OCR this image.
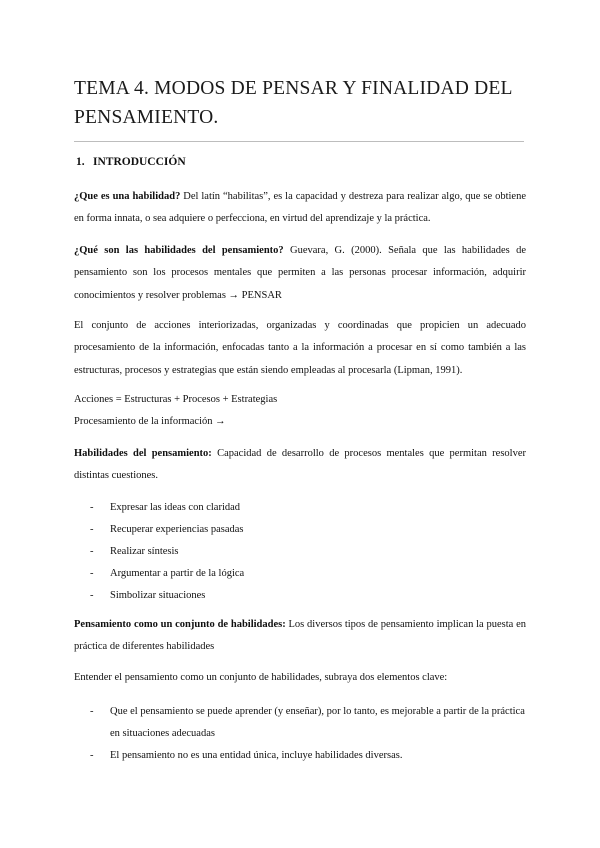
TEMA 4. MODOS DE PENSAR Y FINALIDAD DEL PENSAMIENTO.
1. INTRODUCCIÓN
¿Que es una habilidad? Del latín “habilitas”, es la capacidad y destreza para realizar algo, que se obtiene en forma innata, o sea adquiere o perfecciona, en virtud del aprendizaje y la práctica.
¿Qué son las habilidades del pensamiento? Guevara, G. (2000). Señala que las habilidades de pensamiento son los procesos mentales que permiten a las personas procesar información, adquirir conocimientos y resolver problemas → PENSAR
El conjunto de acciones interiorizadas, organizadas y coordinadas que propicien un adecuado procesamiento de la información, enfocadas tanto a la información a procesar en sí como también a las estructuras, procesos y estrategias que están siendo empleadas al procesarla (Lipman, 1991).
Acciones = Estructuras + Procesos + Estrategias
Procesamiento de la información →
Habilidades del pensamiento: Capacidad de desarrollo de procesos mentales que permitan resolver distintas cuestiones.
- Expresar las ideas con claridad
- Recuperar experiencias pasadas
- Realizar síntesis
- Argumentar a partir de la lógica
- Simbolizar situaciones
Pensamiento como un conjunto de habilidades: Los diversos tipos de pensamiento implican la puesta en práctica de diferentes habilidades
Entender el pensamiento como un conjunto de habilidades, subraya dos elementos clave:
- Que el pensamiento se puede aprender (y enseñar), por lo tanto, es mejorable a partir de la práctica en situaciones adecuadas
- El pensamiento no es una entidad única, incluye habilidades diversas.
